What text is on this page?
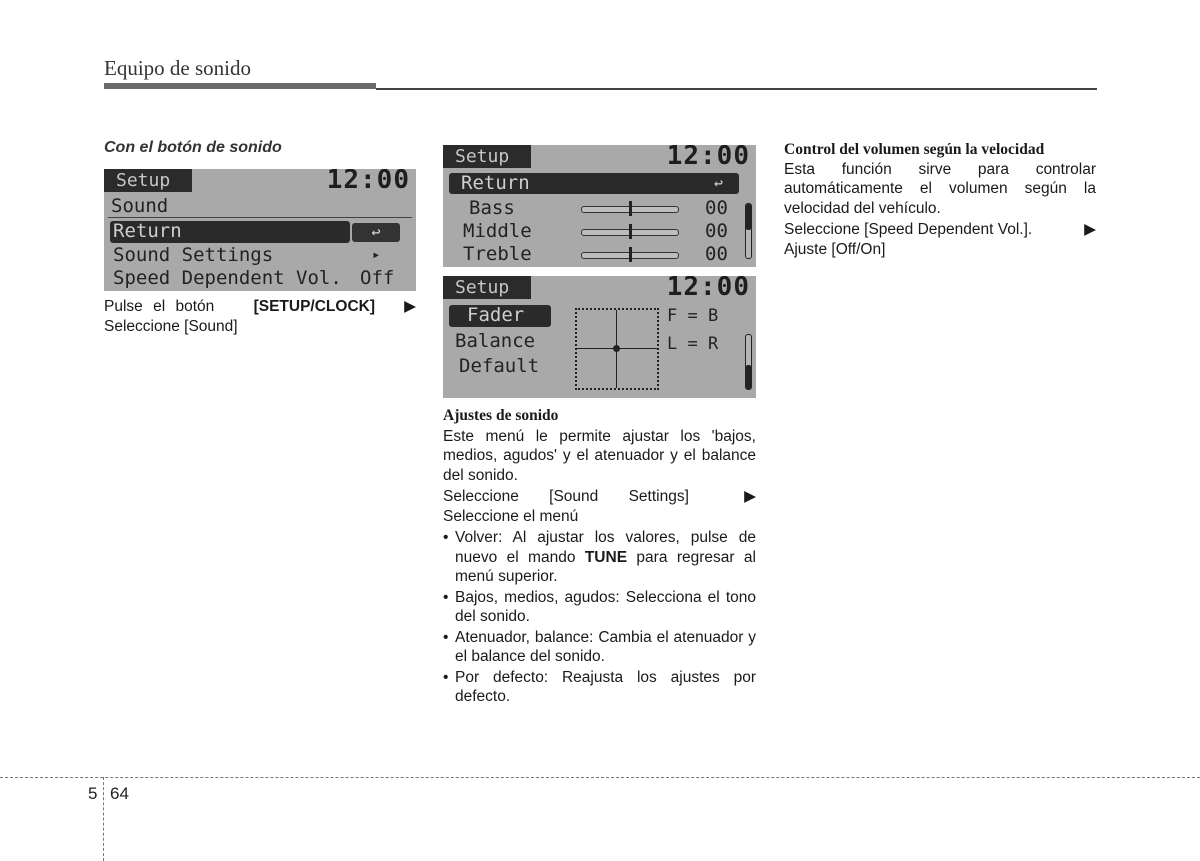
Equipo de sonido
Con el botón de sonido
Setup	12:00
Sound
Return	↩
Sound Settings	▸
Speed Dependent Vol. Off
Pulse el botón [SETUP/CLOCK] ▶
Seleccione [Sound]
Setup	12:00
Return	↩
Bass	00
Middle	00
Treble	00
Setup	12:00
Fader
Balance
Default
F = B
L = R
Ajustes de sonido
Este menú le permite ajustar los 'bajos, medios, agudos' y el atenuador y el balance del sonido.
Seleccione [Sound Settings] ▶
Seleccione el menú
• Volver: Al ajustar los valores, pulse de nuevo el mando TUNE para regresar al menú superior.
• Bajos, medios, agudos: Selecciona el tono del sonido.
• Atenuador, balance: Cambia el atenuador y el balance del sonido.
• Por defecto: Reajusta los ajustes por defecto.
Control del volumen según la velocidad
Esta función sirve para controlar automáticamente el volumen según la velocidad del vehículo.
Seleccione [Speed Dependent Vol.].	▶
Ajuste [Off/On]
5 64
